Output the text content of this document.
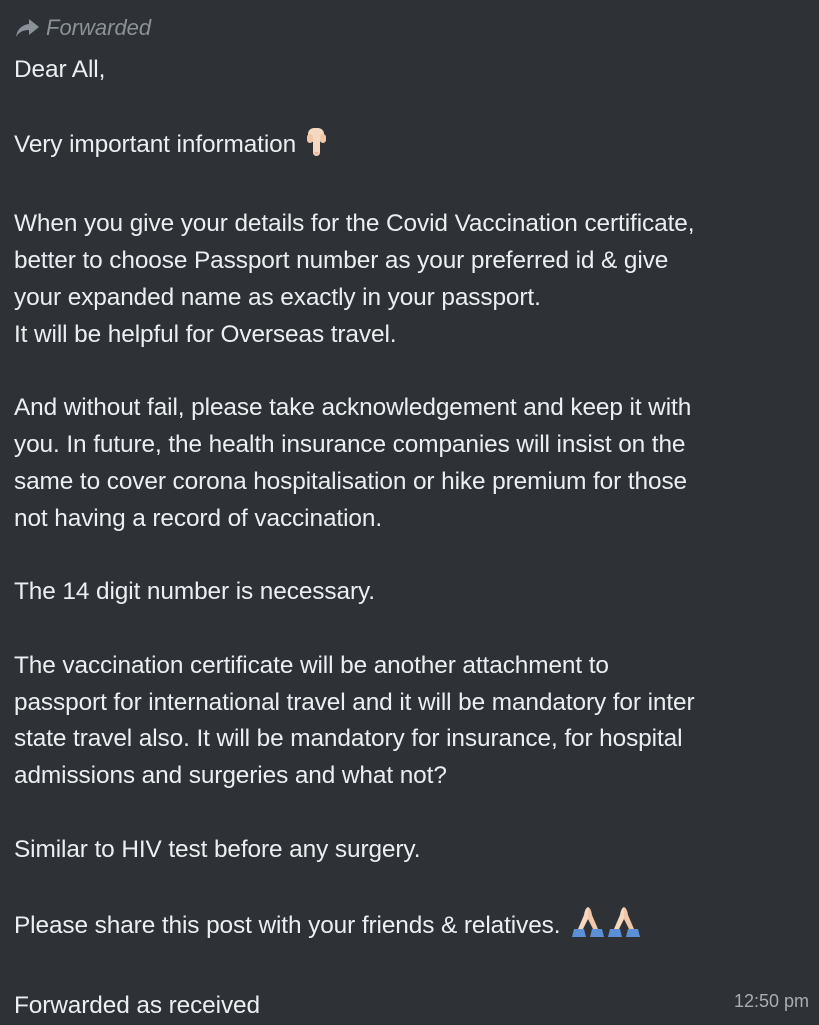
Forwarded

Dear All,

Very important information

When you give your details for the Covid Vaccination certificate,

better to choose Passport number as your preferred id & give

your expanded name as exactly in your passport.

It will be helpful for Overseas travel.

And without fail, please take acknowledgement and keep it with

you. In future, the health insurance companies will insist on the

same to cover corona hospitalisation or hike premium for those

not having a record of vaccination.

The 14 digit number is necessary.

The vaccination certificate will be another attachment to

passport for international travel and it will be mandatory for inter

state travel also. It will be mandatory for insurance, for hospital

admissions and surgeries and what not?

Similar to HIV test before any surgery.

Please share this post with your friends & relatives.

Forwarded as received	12:50 pm
